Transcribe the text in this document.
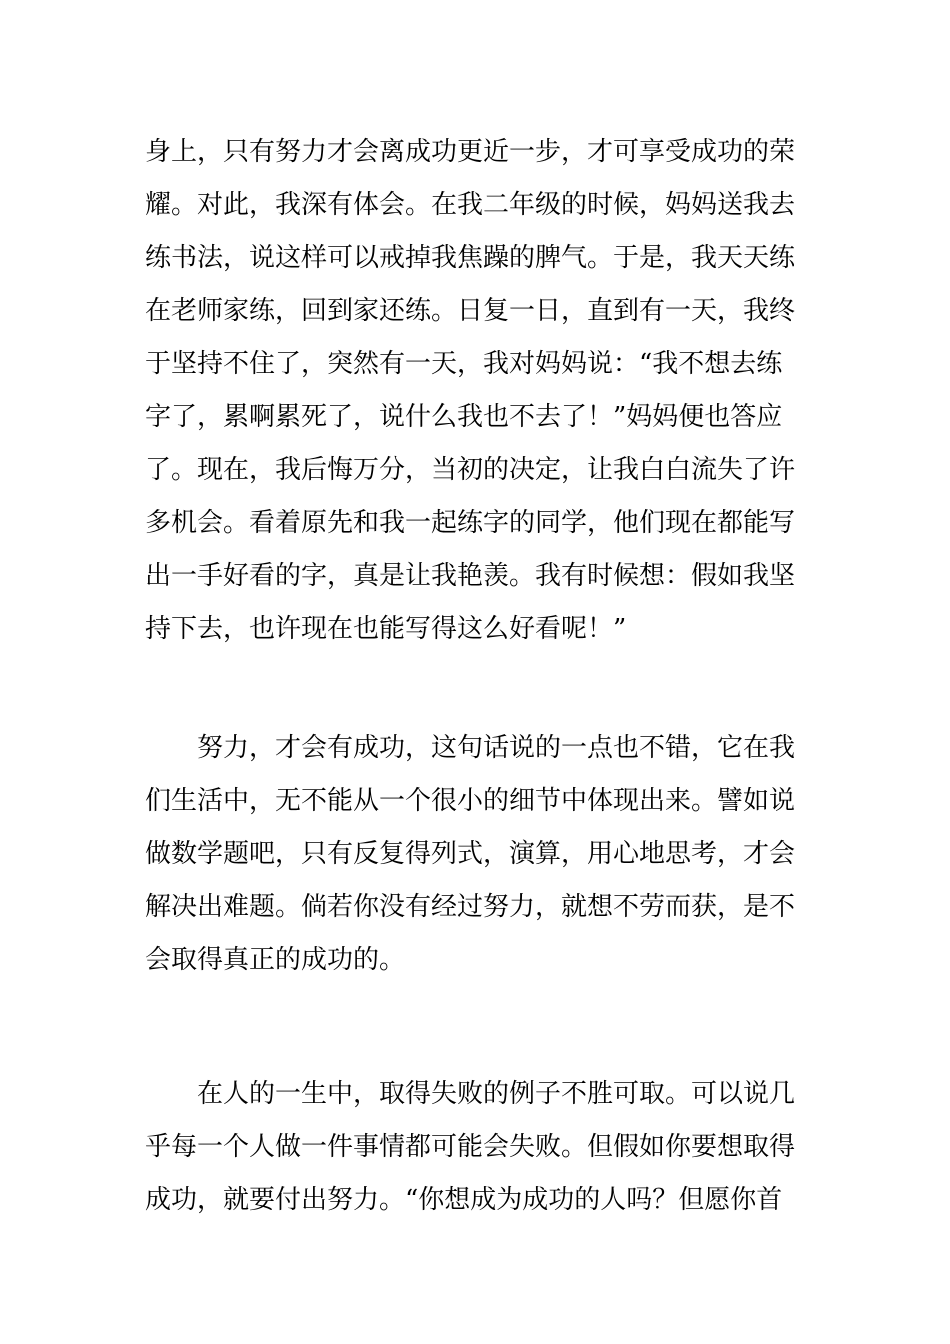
身上，只有努力才会离成功更近一步，才可享受成功的荣
耀。对此，我深有体会。在我二年级的时候，妈妈送我去
练书法，说这样可以戒掉我焦躁的脾气。于是，我天天练
在老师家练，回到家还练。日复一日，直到有一天，我终
于坚持不住了，突然有一天，我对妈妈说：“我不想去练
字了，累啊累死了，说什么我也不去了！”妈妈便也答应
了。现在，我后悔万分，当初的决定，让我白白流失了许
多机会。看着原先和我一起练字的同学，他们现在都能写
出一手好看的字，真是让我艳羡。我有时候想：假如我坚
持下去，也许现在也能写得这么好看呢！”

努力，才会有成功，这句话说的一点也不错，它在我
们生活中，无不能从一个很小的细节中体现出来。譬如说
做数学题吧，只有反复得列式，演算，用心地思考，才会
解决出难题。倘若你没有经过努力，就想不劳而获，是不
会取得真正的成功的。

在人的一生中，取得失败的例子不胜可取。可以说几
乎每一个人做一件事情都可能会失败。但假如你要想取得
成功，就要付出努力。“你想成为成功的人吗？但愿你首
